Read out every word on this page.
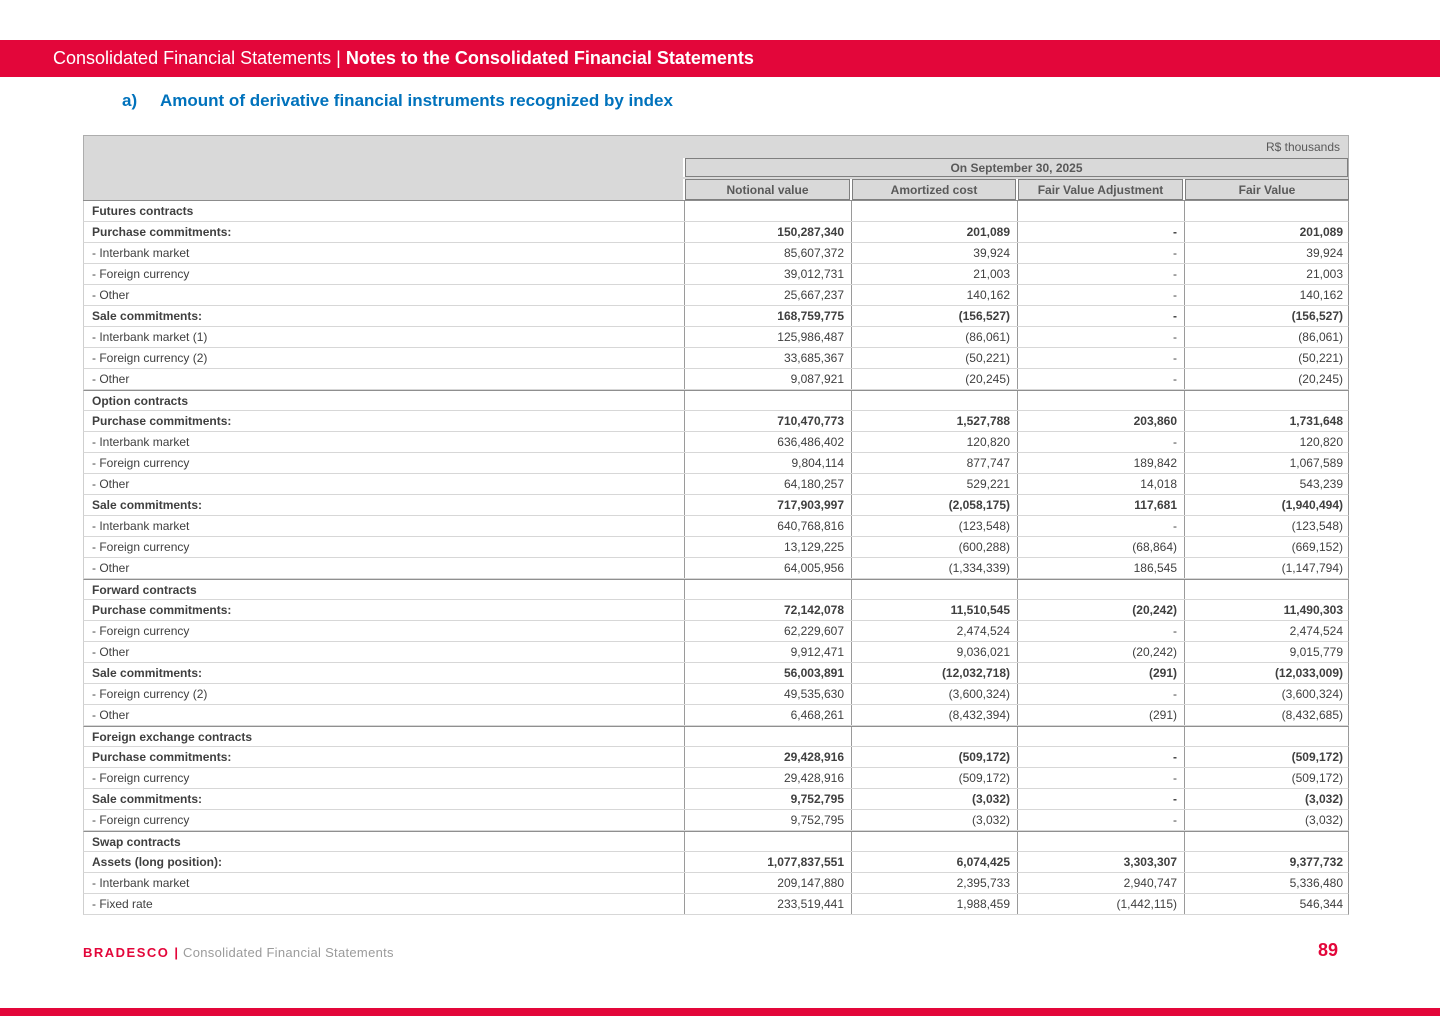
Consolidated Financial Statements | Notes to the Consolidated Financial Statements
a)	Amount of derivative financial instruments recognized by index
R$ thousands
On September 30, 2025
Notional value	Amortized cost	Fair Value Adjustment	Fair Value
Futures contracts
Purchase commitments:	150,287,340	201,089	-	201,089
- Interbank market	85,607,372	39,924	-	39,924
- Foreign currency	39,012,731	21,003	-	21,003
- Other	25,667,237	140,162	-	140,162
Sale commitments:	168,759,775	(156,527)	-	(156,527)
- Interbank market (1)	125,986,487	(86,061)	-	(86,061)
- Foreign currency (2)	33,685,367	(50,221)	-	(50,221)
- Other	9,087,921	(20,245)	-	(20,245)
Option contracts
Purchase commitments:	710,470,773	1,527,788	203,860	1,731,648
- Interbank market	636,486,402	120,820	-	120,820
- Foreign currency	9,804,114	877,747	189,842	1,067,589
- Other	64,180,257	529,221	14,018	543,239
Sale commitments:	717,903,997	(2,058,175)	117,681	(1,940,494)
- Interbank market	640,768,816	(123,548)	-	(123,548)
- Foreign currency	13,129,225	(600,288)	(68,864)	(669,152)
- Other	64,005,956	(1,334,339)	186,545	(1,147,794)
Forward contracts
Purchase commitments:	72,142,078	11,510,545	(20,242)	11,490,303
- Foreign currency	62,229,607	2,474,524	-	2,474,524
- Other	9,912,471	9,036,021	(20,242)	9,015,779
Sale commitments:	56,003,891	(12,032,718)	(291)	(12,033,009)
- Foreign currency (2)	49,535,630	(3,600,324)	-	(3,600,324)
- Other	6,468,261	(8,432,394)	(291)	(8,432,685)
Foreign exchange contracts
Purchase commitments:	29,428,916	(509,172)	-	(509,172)
- Foreign currency	29,428,916	(509,172)	-	(509,172)
Sale commitments:	9,752,795	(3,032)	-	(3,032)
- Foreign currency	9,752,795	(3,032)	-	(3,032)
Swap contracts
Assets (long position):	1,077,837,551	6,074,425	3,303,307	9,377,732
- Interbank market	209,147,880	2,395,733	2,940,747	5,336,480
- Fixed rate	233,519,441	1,988,459	(1,442,115)	546,344
BRADESCO | Consolidated Financial Statements	89
